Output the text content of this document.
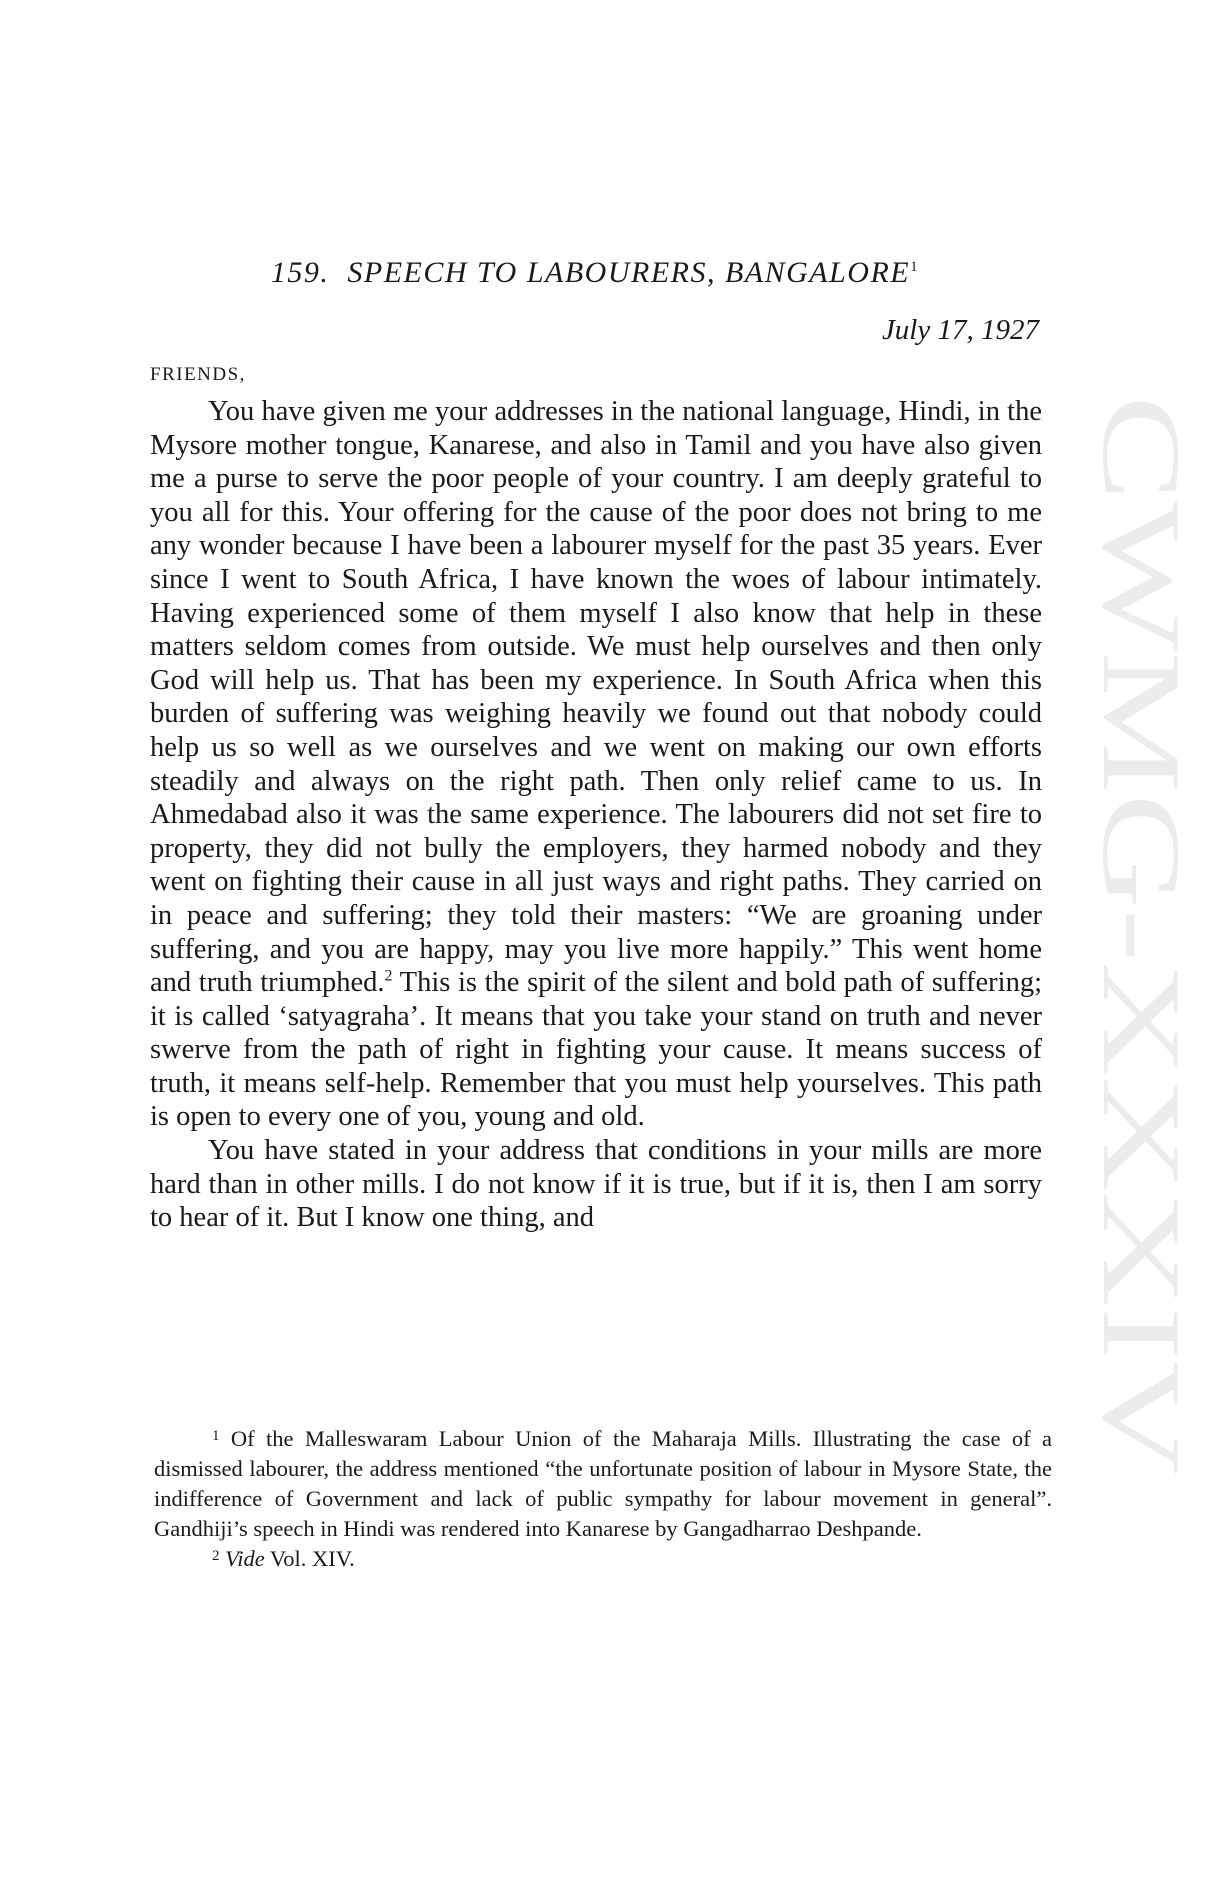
CWMG-XXXIV
159. SPEECH TO LABOURERS, BANGALORE$^1$
July 17, 1927
FRIENDS,

You have given me your addresses in the national language, Hindi, in the Mysore mother tongue, Kanarese, and also in Tamil and you have also given me a purse to serve the poor people of your country. I am deeply grateful to you all for this. Your offering for the cause of the poor does not bring to me any wonder because I have been a labourer myself for the past 35 years. Ever since I went to South Africa, I have known the woes of labour intimately. Having experienced some of them myself I also know that help in these matters seldom comes from outside. We must help ourselves and then only God will help us. That has been my experience. In South Africa when this burden of suffering was weighing heavily we found out that nobody could help us so well as we ourselves and we went on making our own efforts steadily and always on the right path. Then only relief came to us. In Ahmedabad also it was the same experience. The labourers did not set fire to property, they did not bully the employers, they harmed nobody and they went on fighting their cause in all just ways and right paths. They carried on in peace and suffering; they told their masters: “We are groaning under suffering, and you are happy, may you live more happily.” This went home and truth triumphed.$^2$ This is the spirit of the silent and bold path of suffering; it is called ‘satyagraha’. It means that you take your stand on truth and never swerve from the path of right in fighting your cause. It means success of truth, it means self-help. Remember that you must help yourselves. This path is open to every one of you, young and old.

You have stated in your address that conditions in your mills are more hard than in other mills. I do not know if it is true, but if it is, then I am sorry to hear of it. But I know one thing, and

$^1$ Of the Malleswaram Labour Union of the Maharaja Mills. Illustrating the case of a dismissed labourer, the address mentioned “the unfortunate position of labour in Mysore State, the indifference of Government and lack of public sympathy for labour movement in general”. Gandhiji’s speech in Hindi was rendered into Kanarese by Gangadharrao Deshpande.

$^2$ Vide Vol. XIV.
